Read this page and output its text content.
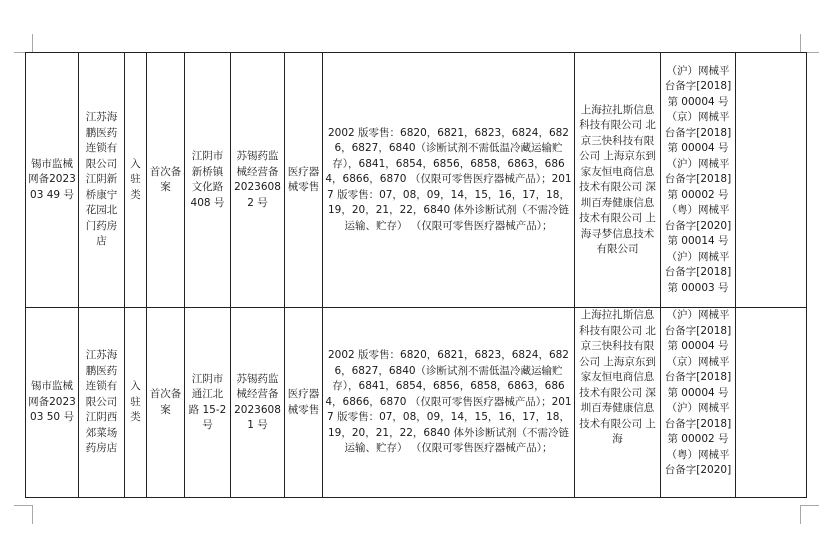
锡市监械网备202303 49 号	江苏海鹏医药连锁有限公司江阴新桥康宁花园北门药房店	入驻类	首次备案	江阴市新桥镇文化路 408 号	苏锡药监械经营备 20236082 号	医疗器械零售	2002 版零售：6820，6821，6823，6824，6826，6827，6840（诊断试剂不需低温冷藏运输贮存），6841，6854，6856，6858，6863，6864，6866，6870 （仅限可零售医疗器械产品）；2017 版零售：07，08，09，14，15，16，17，18，19，20，21，22，6840 体外诊断试剂（不需冷链运输、贮存） （仅限可零售医疗器械产品）；	上海拉扎斯信息科技有限公司 北京三快科技有限公司 上海京东到家友恒电商信息技术有限公司 深圳百寿健康信息技术有限公司 上海寻梦信息技术有限公司	（沪）网械平台备字[2018]第 00004 号（京）网械平台备字[2018]第 00004 号（沪）网械平台备字[2018]第 00002 号（粤）网械平台备字[2020]第 00014 号（沪）网械平台备字[2018]第 00003 号	

锡市监械网备202303 50 号	江苏海鹏医药连锁有限公司江阴西郊菜场药房店	入驻类	首次备案	江阴市通江北路 15-2 号	苏锡药监械经营备 20236081 号	医疗器械零售	2002 版零售：6820，6821，6823，6824，6826，6827，6840（诊断试剂不需低温冷藏运输贮存），6841，6854，6856，6858，6863，6864，6866，6870 （仅限可零售医疗器械产品）；2017 版零售：07，08，09，14，15，16，17，18，19，20，21，22，6840 体外诊断试剂（不需冷链运输、贮存） （仅限可零售医疗器械产品）；	上海拉扎斯信息科技有限公司 北京三快科技有限公司 上海京东到家友恒电商信息技术有限公司 深圳百寿健康信息技术有限公司 上海	（沪）网械平台备字[2018]第 00004 号（京）网械平台备字[2018]第 00004 号（沪）网械平台备字[2018]第 00002 号（粤）网械平台备字[2020]	
